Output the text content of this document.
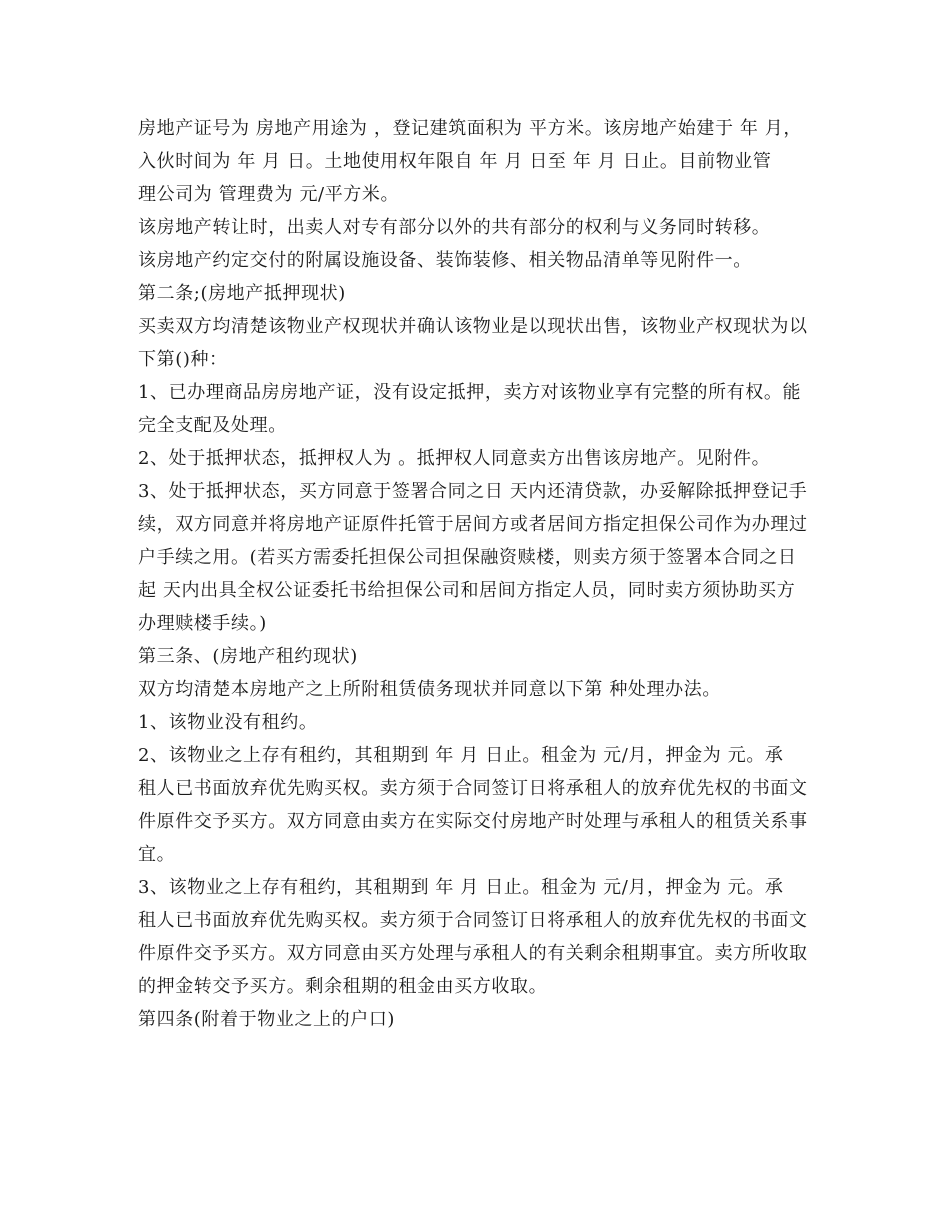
房地产证号为 房地产用途为 ，登记建筑面积为 平方米。该房地产始建于 年 月，
入伙时间为 年 月 日。土地使用权年限自 年 月 日至 年 月 日止。目前物业管
理公司为 管理费为 元/平方米。
该房地产转让时，出卖人对专有部分以外的共有部分的权利与义务同时转移。
该房地产约定交付的附属设施设备、装饰装修、相关物品清单等见附件一。
第二条;(房地产抵押现状)
买卖双方均清楚该物业产权现状并确认该物业是以现状出售，该物业产权现状为以
下第()种：
1、已办理商品房房地产证，没有设定抵押，卖方对该物业享有完整的所有权。能
完全支配及处理。
2、处于抵押状态，抵押权人为 。抵押权人同意卖方出售该房地产。见附件。
3、处于抵押状态，买方同意于签署合同之日 天内还清贷款，办妥解除抵押登记手
续，双方同意并将房地产证原件托管于居间方或者居间方指定担保公司作为办理过
户手续之用。(若买方需委托担保公司担保融资赎楼，则卖方须于签署本合同之日
起 天内出具全权公证委托书给担保公司和居间方指定人员，同时卖方须协助买方
办理赎楼手续。)
第三条、(房地产租约现状)
双方均清楚本房地产之上所附租赁债务现状并同意以下第 种处理办法。
1、该物业没有租约。
2、该物业之上存有租约，其租期到 年 月 日止。租金为 元/月，押金为 元。承
租人已书面放弃优先购买权。卖方须于合同签订日将承租人的放弃优先权的书面文
件原件交予买方。双方同意由卖方在实际交付房地产时处理与承租人的租赁关系事
宜。
3、该物业之上存有租约，其租期到 年 月 日止。租金为 元/月，押金为 元。承
租人已书面放弃优先购买权。卖方须于合同签订日将承租人的放弃优先权的书面文
件原件交予买方。双方同意由买方处理与承租人的有关剩余租期事宜。卖方所收取
的押金转交予买方。剩余租期的租金由买方收取。
第四条(附着于物业之上的户口)
